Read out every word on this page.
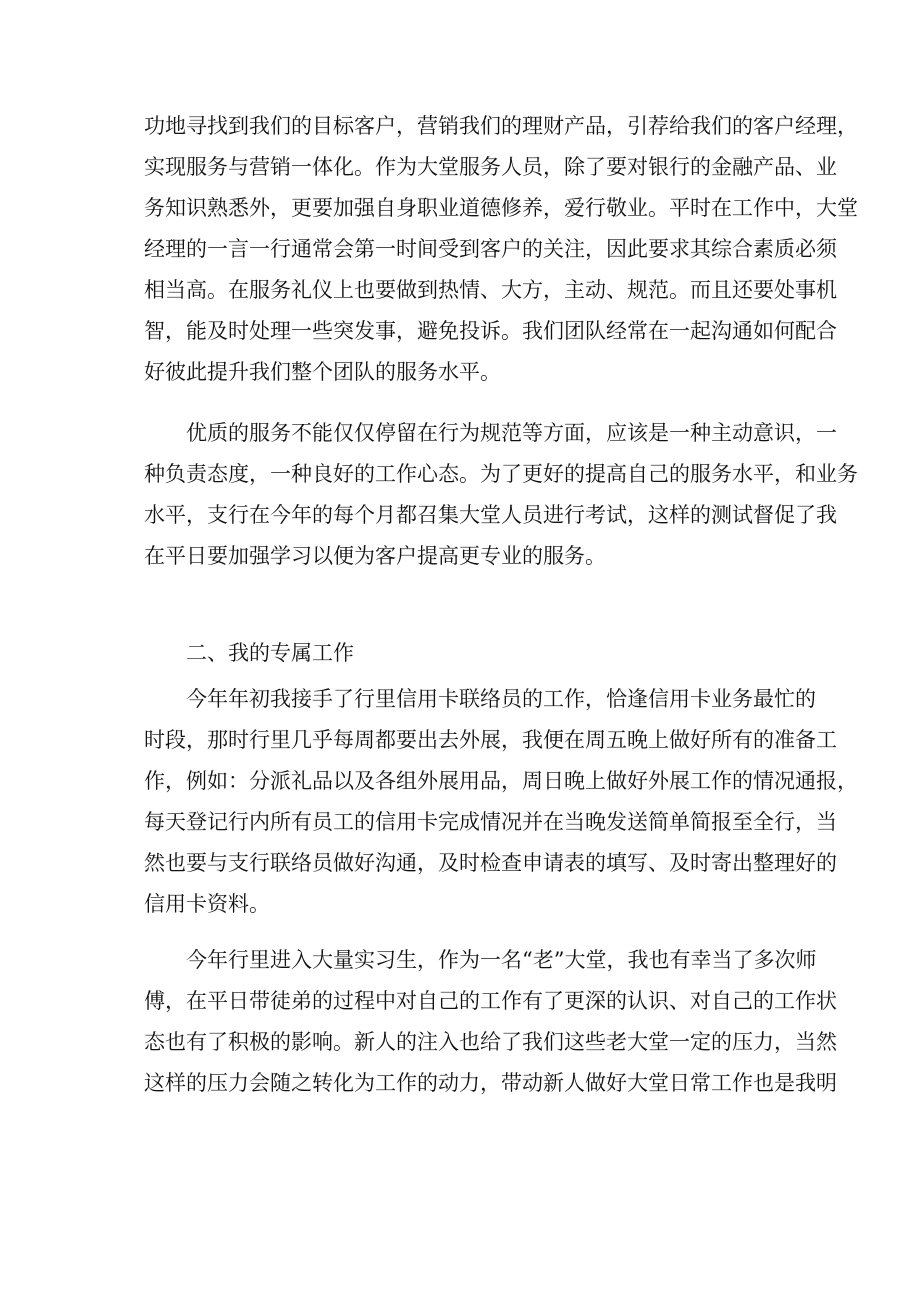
功地寻找到我们的目标客户，营销我们的理财产品，引荐给我们的客户经理，
实现服务与营销一体化。作为大堂服务人员，除了要对银行的金融产品、业
务知识熟悉外，更要加强自身职业道德修养，爱行敬业。平时在工作中，大堂
经理的一言一行通常会第一时间受到客户的关注，因此要求其综合素质必须
相当高。在服务礼仪上也要做到热情、大方，主动、规范。而且还要处事机
智，能及时处理一些突发事，避免投诉。我们团队经常在一起沟通如何配合
好彼此提升我们整个团队的服务水平。
优质的服务不能仅仅停留在行为规范等方面，应该是一种主动意识，一
种负责态度，一种良好的工作心态。为了更好的提高自己的服务水平，和业务
水平，支行在今年的每个月都召集大堂人员进行考试，这样的测试督促了我
在平日要加强学习以便为客户提高更专业的服务。
二、我的专属工作
今年年初我接手了行里信用卡联络员的工作，恰逢信用卡业务最忙的
时段，那时行里几乎每周都要出去外展，我便在周五晚上做好所有的准备工
作，例如：分派礼品以及各组外展用品，周日晚上做好外展工作的情况通报，
每天登记行内所有员工的信用卡完成情况并在当晚发送简单简报至全行，当
然也要与支行联络员做好沟通，及时检查申请表的填写、及时寄出整理好的
信用卡资料。
今年行里进入大量实习生，作为一名“老”大堂，我也有幸当了多次师
傅，在平日带徒弟的过程中对自己的工作有了更深的认识、对自己的工作状
态也有了积极的影响。新人的注入也给了我们这些老大堂一定的压力，当然
这样的压力会随之转化为工作的动力，带动新人做好大堂日常工作也是我明
